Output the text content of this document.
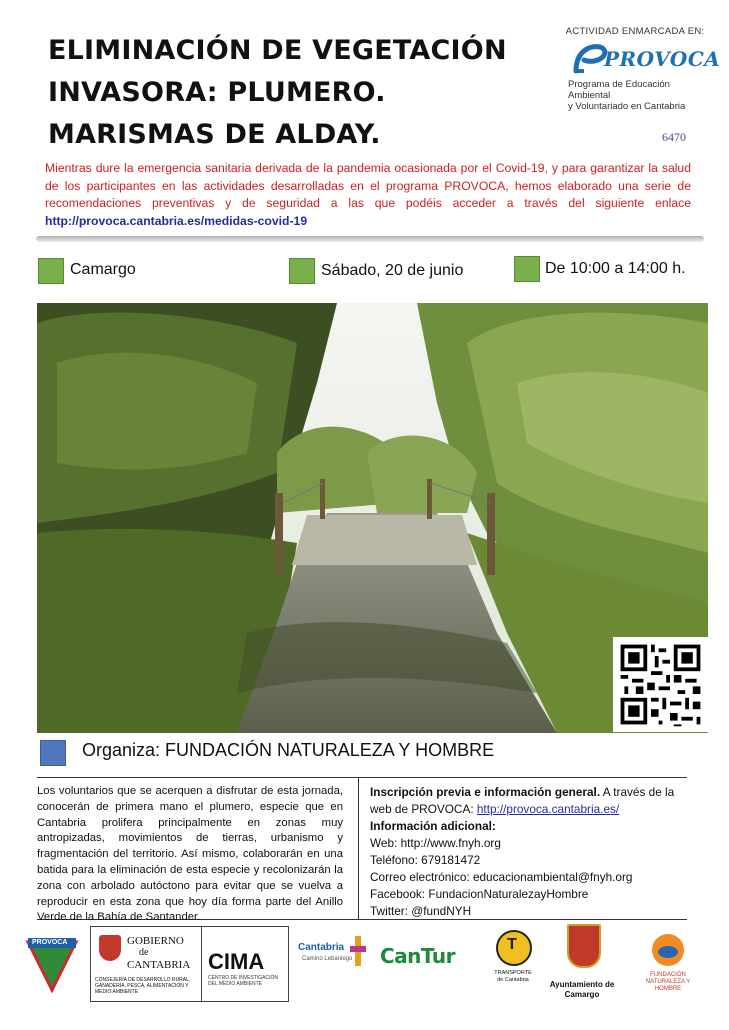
ELIMINACIÓN DE VEGETACIÓN
INVASORA: PLUMERO.
MARISMAS DE ALDAY.
ACTIVIDAD ENMARCADA EN:
PROVOCA
Programa de Educación Ambiental
y Voluntariado en Cantabria
6470
Mientras dure la emergencia sanitaria derivada de la pandemia ocasionada por el Covid-19, y para garantizar la salud de los participantes en las actividades desarrolladas en el programa PROVOCA, hemos elaborado una serie de recomendaciones preventivas y de seguridad a las que podéis acceder a través del siguiente enlace http://provoca.cantabria.es/medidas-covid-19
Camargo	Sábado, 20 de junio	De 10:00 a 14:00 h.
Organiza: FUNDACIÓN NATURALEZA Y HOMBRE
Los voluntarios que se acerquen a disfrutar de esta jornada, conocerán de primera mano el plumero, especie que en Cantabria prolifera principalmente en zonas muy antropizadas, movimientos de tierras, urbanismo y fragmentación del territorio. Así mismo, colaborarán en una batida para la eliminación de esta especie y recolonizarán la zona con arbolado autóctono para evitar que se vuelva a reproducir en esta zona que hoy día forma parte del Anillo Verde de la Bahía de Santander.
Inscripción previa e información general. A través de la web de PROVOCA: http://provoca.cantabria.es/
Información adicional:
Web: http://www.fnyh.org
Teléfono: 679181472
Correo electrónico: educacionambiental@fnyh.org
Facebook: FundacionNaturalezayHombre
Twitter: @fundNYH
PROVOCA	GOBIERNO
de
CANTABRIA
CONSEJERÍA DE DESARROLLO RURAL, GANADERÍA, PESCA, ALIMENTACIÓN Y MEDIO AMBIENTE
CIMA
CENTRO DE INVESTIGACIÓN DEL MEDIO AMBIENTE
Cantabria
Camino Lebaniego CanTur	T
TRANSPORTE de Cantabria	Ayuntamiento de
Camargo
FUNDACIÓN
NATURALEZA Y HOMBRE
